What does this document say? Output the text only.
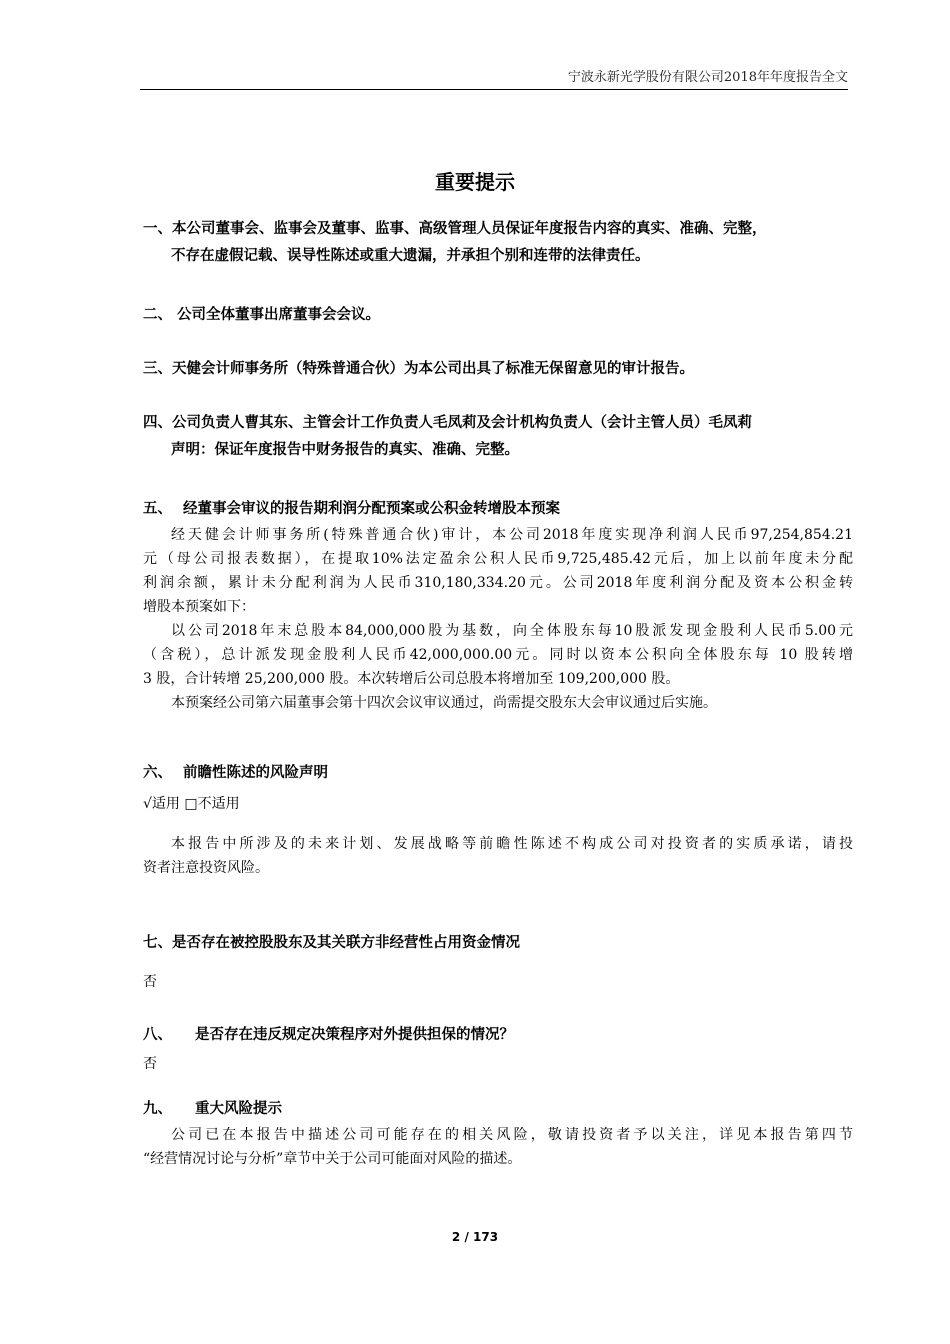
宁波永新光学股份有限公司2018年年度报告全文
重要提示
一、本公司董事会、监事会及董事、监事、高级管理人员保证年度报告内容的真实、准确、完整，
不存在虚假记载、误导性陈述或重大遗漏，并承担个别和连带的法律责任。
二、 公司全体董事出席董事会会议。
三、天健会计师事务所（特殊普通合伙）为本公司出具了标准无保留意见的审计报告。
四、公司负责人曹其东、主管会计工作负责人毛凤莉及会计机构负责人（会计主管人员）毛凤莉
声明：保证年度报告中财务报告的真实、准确、完整。
五、 经董事会审议的报告期利润分配预案或公积金转增股本预案
经天健会计师事务所(特殊普通合伙)审计，本公司2018年度实现净利润人民币97,254,854.21
元（母公司报表数据），在提取10%法定盈余公积人民币9,725,485.42元后，加上以前年度未分配
利润余额，累计未分配利润为人民币310,180,334.20元。公司2018年度利润分配及资本公积金转
增股本预案如下：
以公司2018年末总股本84,000,000股为基数，向全体股东每10股派发现金股利人民币5.00元
（含税），总计派发现金股利人民币42,000,000.00元。同时以资本公积向全体股东每 10 股转增
3 股，合计转增 25,200,000 股。本次转增后公司总股本将增加至 109,200,000 股。
本预案经公司第六届董事会第十四次会议审议通过，尚需提交股东大会审议通过后实施。
六、 前瞻性陈述的风险声明
√适用 □不适用
本报告中所涉及的未来计划、发展战略等前瞻性陈述不构成公司对投资者的实质承诺，请投
资者注意投资风险。
七、是否存在被控股股东及其关联方非经营性占用资金情况
否
八、 是否存在违反规定决策程序对外提供担保的情况？
否
九、 重大风险提示
公司已在本报告中描述公司可能存在的相关风险，敬请投资者予以关注，详见本报告第四节
“经营情况讨论与分析”章节中关于公司可能面对风险的描述。
2 / 173
